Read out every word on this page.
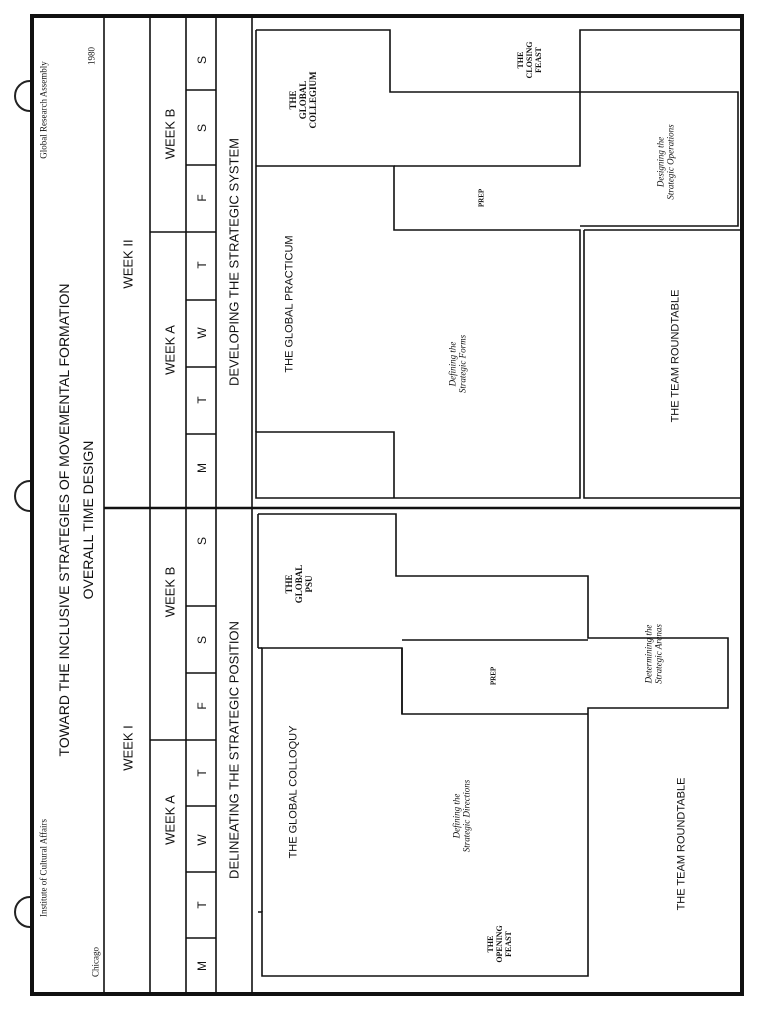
Institute of Cultural Affairs
Global Research Assembly
TOWARD THE INCLUSIVE STRATEGIES OF MOVEMENTAL FORMATION OVERALL TIME DESIGN
Chicago
1980
WEEK I
WEEK II
WEEK A
WEEK B
WEEK A
WEEK B
M
T
W
T
F
S
S
M
T
W
T
F
S
S
DELINEATING THE STRATEGIC POSITION
DEVELOPING THE STRATEGIC SYSTEM
THE OPENING FEAST
THE GLOBAL COLLOQUY	Defining the Strategic Directions
PREP
THE GLOBAL PSU
Determining the Strategic Arenas
THE TEAM ROUNDTABLE
THE GLOBAL PRACTICUM	Defining the Strategic Forms
PREP
THE GLOBAL COLLEGIUM
Designing the Strategic Operations
THE TEAM ROUNDTABLE
THE CLOSING FEAST
